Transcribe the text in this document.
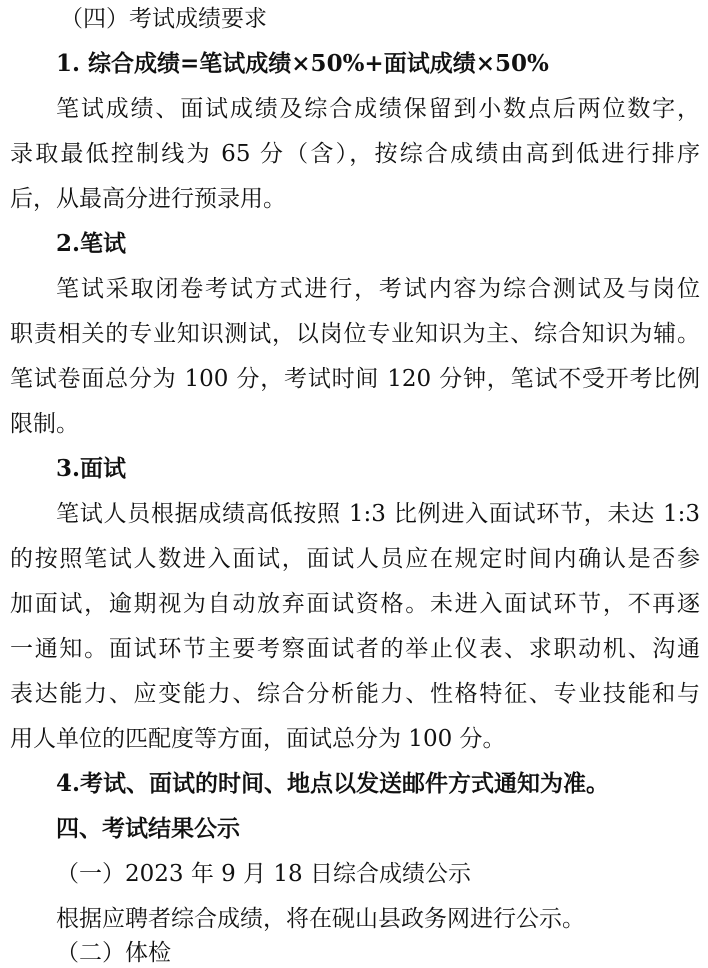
（四）考试成绩要求
1. 综合成绩=笔试成绩×50%+面试成绩×50%
笔试成绩、面试成绩及综合成绩保留到小数点后两位数字，
录取最低控制线为 65 分（含），按综合成绩由高到低进行排序
后，从最高分进行预录用。
2.笔试
笔试采取闭卷考试方式进行，考试内容为综合测试及与岗位
职责相关的专业知识测试，以岗位专业知识为主、综合知识为辅。
笔试卷面总分为 100 分，考试时间 120 分钟，笔试不受开考比例
限制。
3.面试
笔试人员根据成绩高低按照 1:3 比例进入面试环节，未达 1:3
的按照笔试人数进入面试，面试人员应在规定时间内确认是否参
加面试，逾期视为自动放弃面试资格。未进入面试环节，不再逐
一通知。面试环节主要考察面试者的举止仪表、求职动机、沟通
表达能力、应变能力、综合分析能力、性格特征、专业技能和与
用人单位的匹配度等方面，面试总分为 100 分。
4.考试、面试的时间、地点以发送邮件方式通知为准。
四、考试结果公示
（一）2023 年 9 月 18 日综合成绩公示
根据应聘者综合成绩，将在砚山县政务网进行公示。
（二）体检
